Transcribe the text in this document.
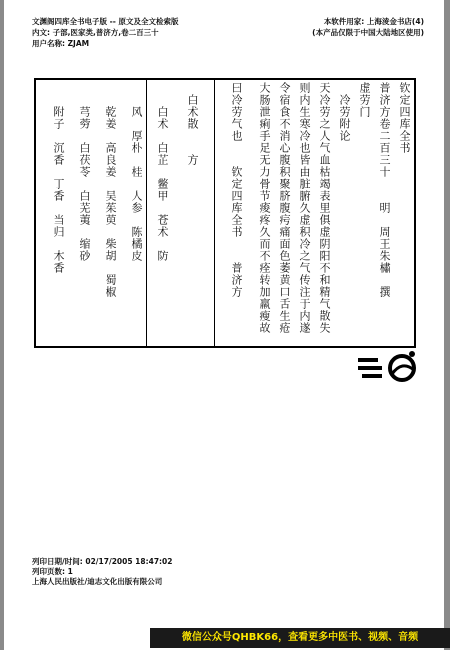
文渊阁四库全书电子版 -- 原文及全文检索版
内文: 子部,医家类,普济方,卷二百三十
用户名称: ZJAM
本软件用家: 上海淩金书店(4)
(本产品仅限于中国大陆地区使用)
钦定四库全书
普济方卷二百三十　　明　周王朱橚　撰
虚劳门
　冷劳附论
天冷劳之人气血枯竭表里俱虚阴阳不和精气散失
则内生寒冷也皆由脏腑久虚积冷之气传注于内遂
令宿食不消心腹积聚脐腹疞痛面色萎黄口舌生疮
大肠泄痢手足无力骨节痠疼久而不痊转加羸瘦故
曰冷劳气也　　钦定四库全书　　普济方
　白术散　　方
　　白术　白芷　鳖甲　苍术　防
　　风　厚朴　桂　人参　陈橘皮
　　乾姜　高良姜　吴茱萸　柴胡　蜀椒
　　芎䓖　白茯苓　白芜荑　缩砂
　　附子　沉香　丁香　当归　木香
列印日期/时间: 02/17/2005 18:47:02
列印页数: 1
上海人民出版社/迪志文化出版有限公司
微信公众号QHBK66，查看更多中医书、视频、音频
